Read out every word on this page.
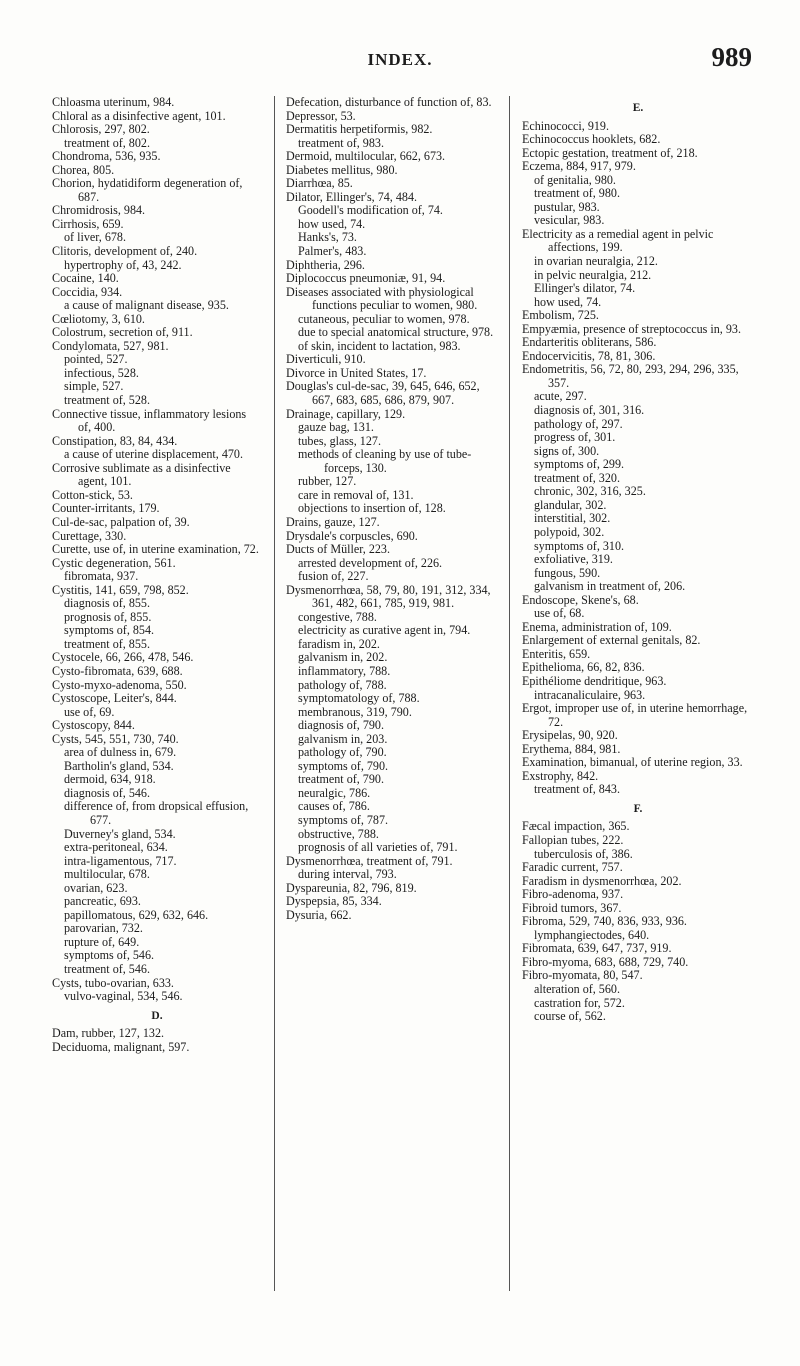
INDEX.	989
Chloasma uterinum, 984.
Chloral as a disinfective agent, 101.
Chlorosis, 297, 802.
treatment of, 802.
Chondroma, 536, 935.
Chorea, 805.
Chorion, hydatidiform degeneration of, 687.
Chromidrosis, 984.
Cirrhosis, 659.
of liver, 678.
Clitoris, development of, 240.
hypertrophy of, 43, 242.
Cocaine, 140.
Coccidia, 934.
a cause of malignant disease, 935.
Cœliotomy, 3, 610.
Colostrum, secretion of, 911.
Condylomata, 527, 981.
pointed, 527.
infectious, 528.
simple, 527.
treatment of, 528.
Connective tissue, inflammatory lesions of, 400.
Constipation, 83, 84, 434.
a cause of uterine displacement, 470.
Corrosive sublimate as a disinfective agent, 101.
Cotton-stick, 53.
Counter-irritants, 179.
Cul-de-sac, palpation of, 39.
Curettage, 330.
Curette, use of, in uterine examination, 72.
Cystic degeneration, 561.
fibromata, 937.
Cystitis, 141, 659, 798, 852.
diagnosis of, 855.
prognosis of, 855.
symptoms of, 854.
treatment of, 855.
Cystocele, 66, 266, 478, 546.
Cysto-fibromata, 639, 688.
Cysto-myxo-adenoma, 550.
Cystoscope, Leiter's, 844.
use of, 69.
Cystoscopy, 844.
Cysts, 545, 551, 730, 740.
area of dulness in, 679.
Bartholin's gland, 534.
dermoid, 634, 918.
diagnosis of, 546.
difference of, from dropsical effusion, 677.
Duverney's gland, 534.
extra-peritoneal, 634.
intra-ligamentous, 717.
multilocular, 678.
ovarian, 623.
pancreatic, 693.
papillomatous, 629, 632, 646.
parovarian, 732.
rupture of, 649.
symptoms of, 546.
treatment of, 546.
Cysts, tubo-ovarian, 633.
vulvo-vaginal, 534, 546.
D.
Dam, rubber, 127, 132.
Deciduoma, malignant, 597.
Defecation, disturbance of function of, 83.
Depressor, 53.
Dermatitis herpetiformis, 982.
treatment of, 983.
Dermoid, multilocular, 662, 673.
Diabetes mellitus, 980.
Diarrhœa, 85.
Dilator, Ellinger's, 74, 484.
Goodell's modification of, 74.
how used, 74.
Hanks's, 73.
Palmer's, 483.
Diphtheria, 296.
Diplococcus pneumoniæ, 91, 94.
Diseases associated with physiological functions peculiar to women, 980.
cutaneous, peculiar to women, 978.
due to special anatomical structure, 978.
of skin, incident to lactation, 983.
Diverticuli, 910.
Divorce in United States, 17.
Douglas's cul-de-sac, 39, 645, 646, 652, 667, 683, 685, 686, 879, 907.
Drainage, capillary, 129.
gauze bag, 131.
tubes, glass, 127.
methods of cleaning by use of tube-forceps, 130.
rubber, 127.
care in removal of, 131.
objections to insertion of, 128.
Drains, gauze, 127.
Drysdale's corpuscles, 690.
Ducts of Müller, 223.
arrested development of, 226.
fusion of, 227.
Dysmenorrhœa, 58, 79, 80, 191, 312, 334, 361, 482, 661, 785, 919, 981.
congestive, 788.
electricity as curative agent in, 794.
faradism in, 202.
galvanism in, 202.
inflammatory, 788.
pathology of, 788.
symptomatology of, 788.
membranous, 319, 790.
diagnosis of, 790.
galvanism in, 203.
pathology of, 790.
symptoms of, 790.
treatment of, 790.
neuralgic, 786.
causes of, 786.
symptoms of, 787.
obstructive, 788.
prognosis of all varieties of, 791.
Dysmenorrhœa, treatment of, 791.
during interval, 793.
Dyspareunia, 82, 796, 819.
Dyspepsia, 85, 334.
Dysuria, 662.
E.
Echinococci, 919.
Echinococcus hooklets, 682.
Ectopic gestation, treatment of, 218.
Eczema, 884, 917, 979.
of genitalia, 980.
treatment of, 980.
pustular, 983.
vesicular, 983.
Electricity as a remedial agent in pelvic affections, 199.
in ovarian neuralgia, 212.
in pelvic neuralgia, 212.
Ellinger's dilator, 74.
how used, 74.
Embolism, 725.
Empyæmia, presence of streptococcus in, 93.
Endarteritis obliterans, 586.
Endocervicitis, 78, 81, 306.
Endometritis, 56, 72, 80, 293, 294, 296, 335, 357.
acute, 297.
diagnosis of, 301, 316.
pathology of, 297.
progress of, 301.
signs of, 300.
symptoms of, 299.
treatment of, 320.
chronic, 302, 316, 325.
glandular, 302.
interstitial, 302.
polypoid, 302.
symptoms of, 310.
exfoliative, 319.
fungous, 590.
galvanism in treatment of, 206.
Endoscope, Skene's, 68.
use of, 68.
Enema, administration of, 109.
Enlargement of external genitals, 82.
Enteritis, 659.
Epithelioma, 66, 82, 836.
Epithéliome dendritique, 963.
intracanaliculaire, 963.
Ergot, improper use of, in uterine hemorrhage, 72.
Erysipelas, 90, 920.
Erythema, 884, 981.
Examination, bimanual, of uterine region, 33.
Exstrophy, 842.
treatment of, 843.
F.
Fæcal impaction, 365.
Fallopian tubes, 222.
tuberculosis of, 386.
Faradic current, 757.
Faradism in dysmenorrhœa, 202.
Fibro-adenoma, 937.
Fibroid tumors, 367.
Fibroma, 529, 740, 836, 933, 936.
lymphangiectodes, 640.
Fibromata, 639, 647, 737, 919.
Fibro-myoma, 683, 688, 729, 740.
Fibro-myomata, 80, 547.
alteration of, 560.
castration for, 572.
course of, 562.
